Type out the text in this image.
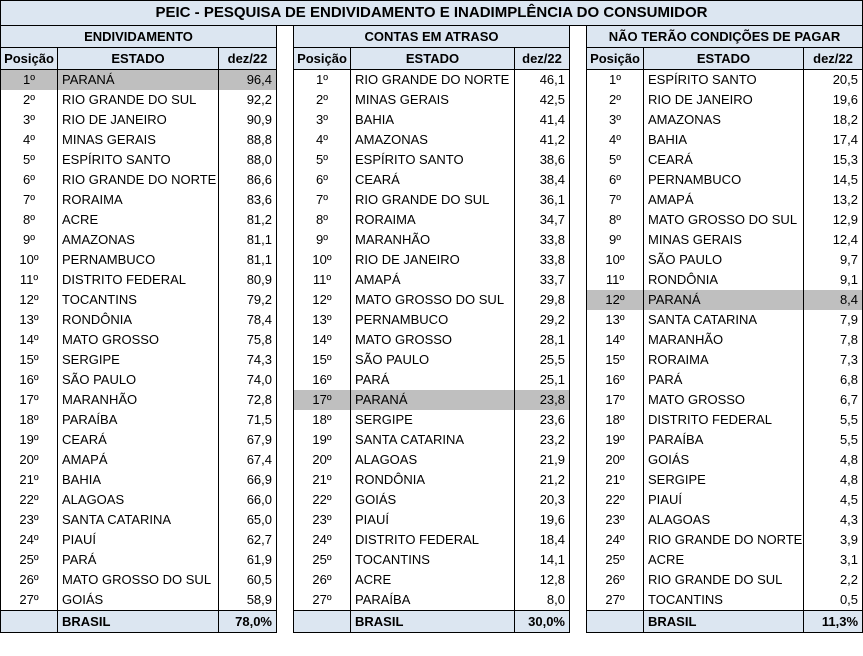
PEIC - PESQUISA DE ENDIVIDAMENTO E INADIMPLÊNCIA DO CONSUMIDOR
ENDIVIDAMENTO		
Posição	ESTADO	dez/22
1º	PARANÁ	96,4
2º	RIO GRANDE DO SUL	92,2
3º	RIO DE JANEIRO	90,9
4º	MINAS GERAIS	88,8
5º	ESPÍRITO SANTO	88,0
6º	RIO GRANDE DO NORTE	86,6
7º	RORAIMA	83,6
8º	ACRE	81,2
9º	AMAZONAS	81,1
10º	PERNAMBUCO	81,1
11º	DISTRITO FEDERAL	80,9
12º	TOCANTINS	79,2
13º	RONDÔNIA	78,4
14º	MATO GROSSO	75,8
15º	SERGIPE	74,3
16º	SÃO PAULO	74,0
17º	MARANHÃO	72,8
18º	PARAÍBA	71,5
19º	CEARÁ	67,9
20º	AMAPÁ	67,4
21º	BAHIA	66,9
22º	ALAGOAS	66,0
23º	SANTA CATARINA	65,0
24º	PIAUÍ	62,7
25º	PARÁ	61,9
26º	MATO GROSSO DO SUL	60,5
27º	GOIÁS	58,9
	BRASIL	78,0%
CONTAS EM ATRASO		
Posição	ESTADO	dez/22
1º	RIO GRANDE DO NORTE	46,1
2º	MINAS GERAIS	42,5
3º	BAHIA	41,4
4º	AMAZONAS	41,2
5º	ESPÍRITO SANTO	38,6
6º	CEARÁ	38,4
7º	RIO GRANDE DO SUL	36,1
8º	RORAIMA	34,7
9º	MARANHÃO	33,8
10º	RIO DE JANEIRO	33,8
11º	AMAPÁ	33,7
12º	MATO GROSSO DO SUL	29,8
13º	PERNAMBUCO	29,2
14º	MATO GROSSO	28,1
15º	SÃO PAULO	25,5
16º	PARÁ	25,1
17º	PARANÁ	23,8
18º	SERGIPE	23,6
19º	SANTA CATARINA	23,2
20º	ALAGOAS	21,9
21º	RONDÔNIA	21,2
22º	GOIÁS	20,3
23º	PIAUÍ	19,6
24º	DISTRITO FEDERAL	18,4
25º	TOCANTINS	14,1
26º	ACRE	12,8
27º	PARAÍBA	8,0
	BRASIL	30,0%
NÃO TERÃO CONDIÇÕES DE PAGAR		
Posição	ESTADO	dez/22
1º	ESPÍRITO SANTO	20,5
2º	RIO DE JANEIRO	19,6
3º	AMAZONAS	18,2
4º	BAHIA	17,4
5º	CEARÁ	15,3
6º	PERNAMBUCO	14,5
7º	AMAPÁ	13,2
8º	MATO GROSSO DO SUL	12,9
9º	MINAS GERAIS	12,4
10º	SÃO PAULO	9,7
11º	RONDÔNIA	9,1
12º	PARANÁ	8,4
13º	SANTA CATARINA	7,9
14º	MARANHÃO	7,8
15º	RORAIMA	7,3
16º	PARÁ	6,8
17º	MATO GROSSO	6,7
18º	DISTRITO FEDERAL	5,5
19º	PARAÍBA	5,5
20º	GOIÁS	4,8
21º	SERGIPE	4,8
22º	PIAUÍ	4,5
23º	ALAGOAS	4,3
24º	RIO GRANDE DO NORTE	3,9
25º	ACRE	3,1
26º	RIO GRANDE DO SUL	2,2
27º	TOCANTINS	0,5
	BRASIL	11,3%
